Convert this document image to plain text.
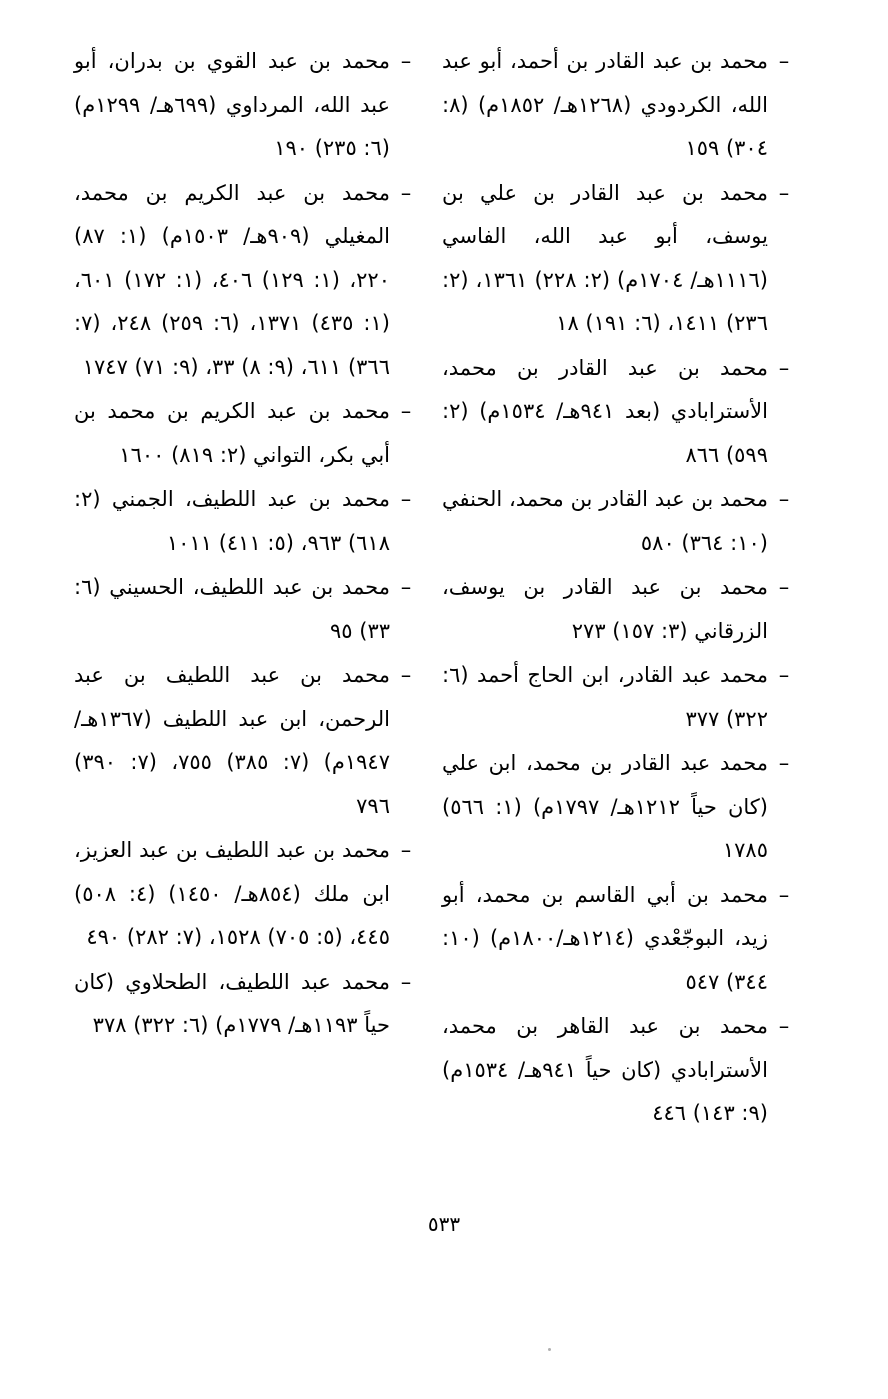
–
محمد بن عبد القادر بن أحمد، أبو عبد الله، الكردودي (١٢٦٨هـ/ ١٨٥٢م) (٨: ٣٠٤) ١٥٩
–
محمد بن عبد القادر بن علي بن يوسف، أبو عبد الله، الفاسي (١١١٦هـ/ ١٧٠٤م) (٢: ٢٢٨) ١٣٦١، (٢: ٢٣٦) ١٤١١، (٦: ١٩١) ١٨
–
محمد بن عبد القادر بن محمد، الأسترابادي (بعد ٩٤١هـ/ ١٥٣٤م) (٢: ٥٩٩) ٨٦٦
–
محمد بن عبد القادر بن محمد، الحنفي (١٠: ٣٦٤) ٥٨٠
–
محمد بن عبد القادر بن يوسف، الزرقاني (٣: ١٥٧) ٢٧٣
–
محمد عبد القادر، ابن الحاج أحمد (٦: ٣٢٢) ٣٧٧
–
محمد عبد القادر بن محمد، ابن علي (كان حياً ١٢١٢هـ/ ١٧٩٧م) (١: ٥٦٦) ١٧٨٥
–
محمد بن أبي القاسم بن محمد، أبو زيد، البوجّعْدي (١٢١٤هـ/١٨٠٠م) (١٠: ٣٤٤) ٥٤٧
–
محمد بن عبد القاهر بن محمد، الأسترابادي (كان حياً ٩٤١هـ/ ١٥٣٤م) (٩: ١٤٣) ٤٤٦
–
محمد بن عبد القوي بن بدران، أبو عبد الله، المرداوي (٦٩٩هـ/ ١٢٩٩م) (٦: ٢٣٥) ١٩٠
–
محمد بن عبد الكريم بن محمد، المغيلي (٩٠٩هـ/ ١٥٠٣م) (١: ٨٧) ٢٢٠، (١: ١٢٩) ٤٠٦، (١: ١٧٢) ٦٠١، (١: ٤٣٥) ١٣٧١، (٦: ٢٥٩) ٢٤٨، (٧: ٣٦٦) ٦١١، (٩: ٨) ٣٣، (٩: ٧١) ١٧٤٧
–
محمد بن عبد الكريم بن محمد بن أبي بكر، التواني (٢: ٨١٩) ١٦٠٠
–
محمد بن عبد اللطيف، الجمني (٢: ٦١٨) ٩٦٣، (٥: ٤١١) ١٠١١
–
محمد بن عبد اللطيف، الحسيني (٦: ٣٣) ٩٥
–
محمد بن عبد اللطيف بن عبد الرحمن، ابن عبد اللطيف (١٣٦٧هـ/ ١٩٤٧م) (٧: ٣٨٥) ٧٥٥، (٧: ٣٩٠) ٧٩٦
–
محمد بن عبد اللطيف بن عبد العزيز، ابن ملك (٨٥٤هـ/ ١٤٥٠) (٤: ٥٠٨) ٤٤٥، (٥: ٧٠٥) ١٥٢٨، (٧: ٢٨٢) ٤٩٠
–
محمد عبد اللطيف، الطحلاوي (كان حياً ١١٩٣هـ/ ١٧٧٩م) (٦: ٣٢٢) ٣٧٨
٥٣٣
